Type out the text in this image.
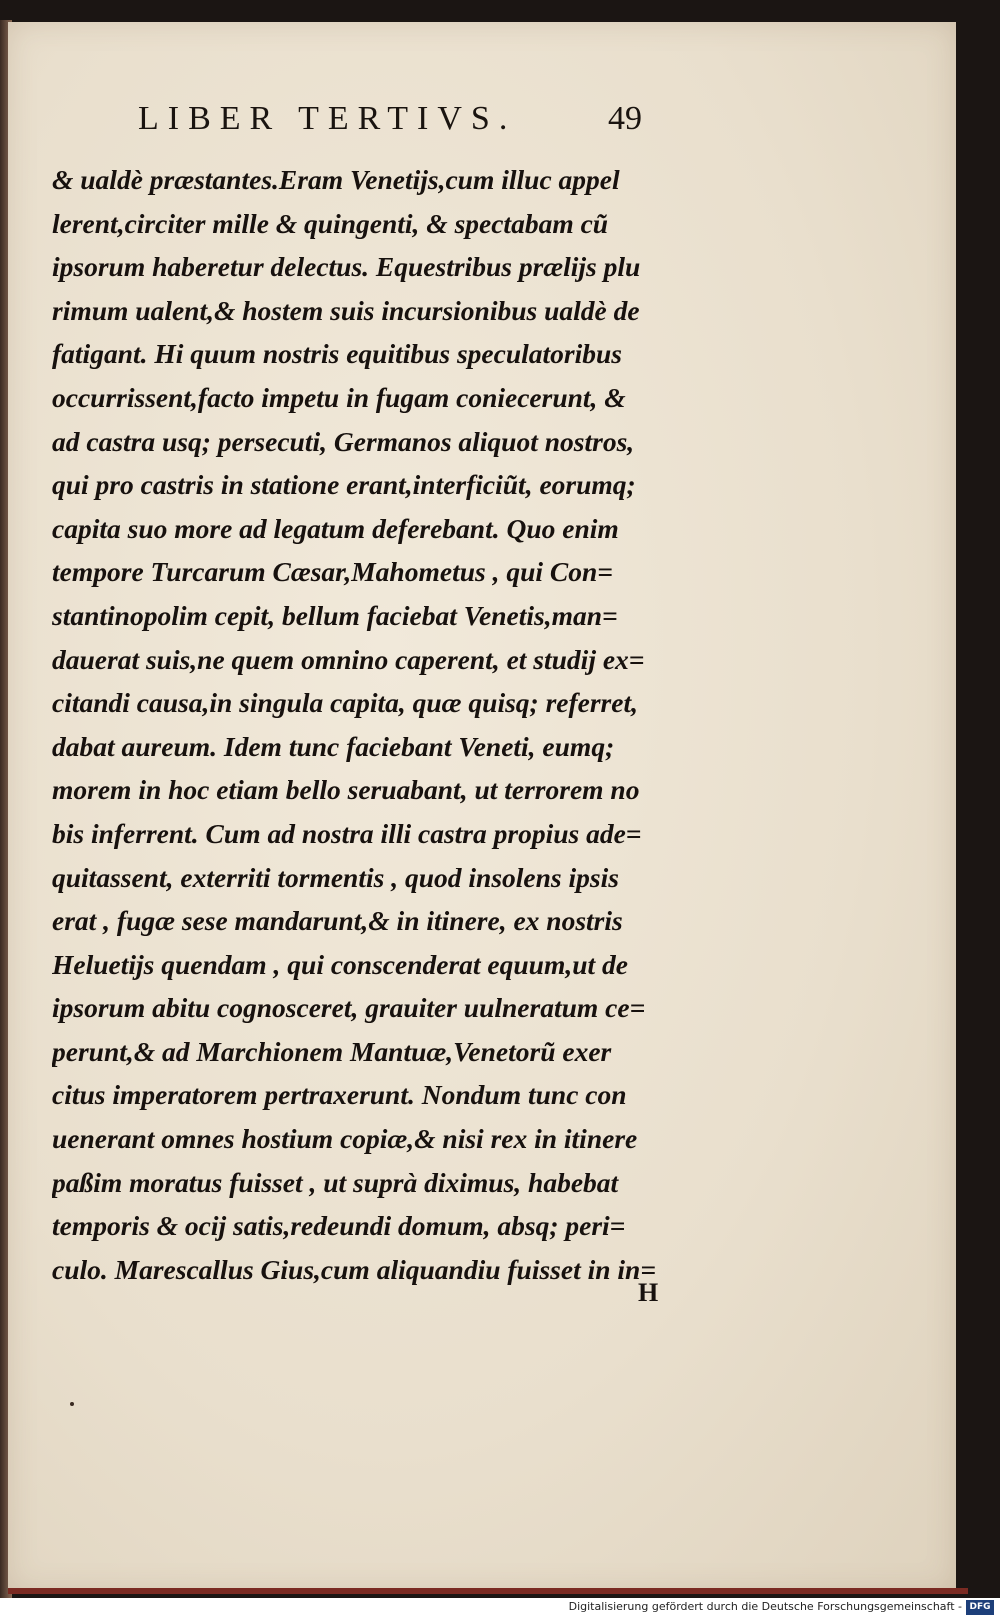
LIBER TERTIVS.	49
& ualdè præstantes.Eram Venetijs,cum illuc appel
lerent,circiter mille & quingenti, & spectabam cũ
ipsorum haberetur delectus. Equestribus prælijs plu
rimum ualent,& hostem suis incursionibus ualdè de
fatigant. Hi quum nostris equitibus speculatoribus
occurrissent,facto impetu in fugam coniecerunt, &
ad castra usq; persecuti, Germanos aliquot nostros,
qui pro castris in statione erant,interficiũt, eorumq;
capita suo more ad legatum deferebant. Quo enim
tempore Turcarum Cæsar,Mahometus , qui Con=
stantinopolim cepit, bellum faciebat Venetis,man=
dauerat suis,ne quem omnino caperent, et studij ex=
citandi causa,in singula capita, quæ quisq; referret,
dabat aureum. Idem tunc faciebant Veneti, eumq;
morem in hoc etiam bello seruabant, ut terrorem no
bis inferrent. Cum ad nostra illi castra propius ade=
quitassent, exterriti tormentis , quod insolens ipsis
erat , fugæ sese mandarunt,& in itinere, ex nostris
Heluetijs quendam , qui conscenderat equum,ut de
ipsorum abitu cognosceret, grauiter uulneratum ce=
perunt,& ad Marchionem Mantuæ,Venetorũ exer
citus imperatorem pertraxerunt. Nondum tunc con
uenerant omnes hostium copiæ,& nisi rex in itinere
paßim moratus fuisset , ut suprà diximus, habebat
temporis & ocij satis,redeundi domum, absq; peri=
culo. Marescallus Gius,cum aliquandiu fuisset in in=
H
Digitalisierung gefördert durch die Deutsche Forschungsgemeinschaft - DFG
